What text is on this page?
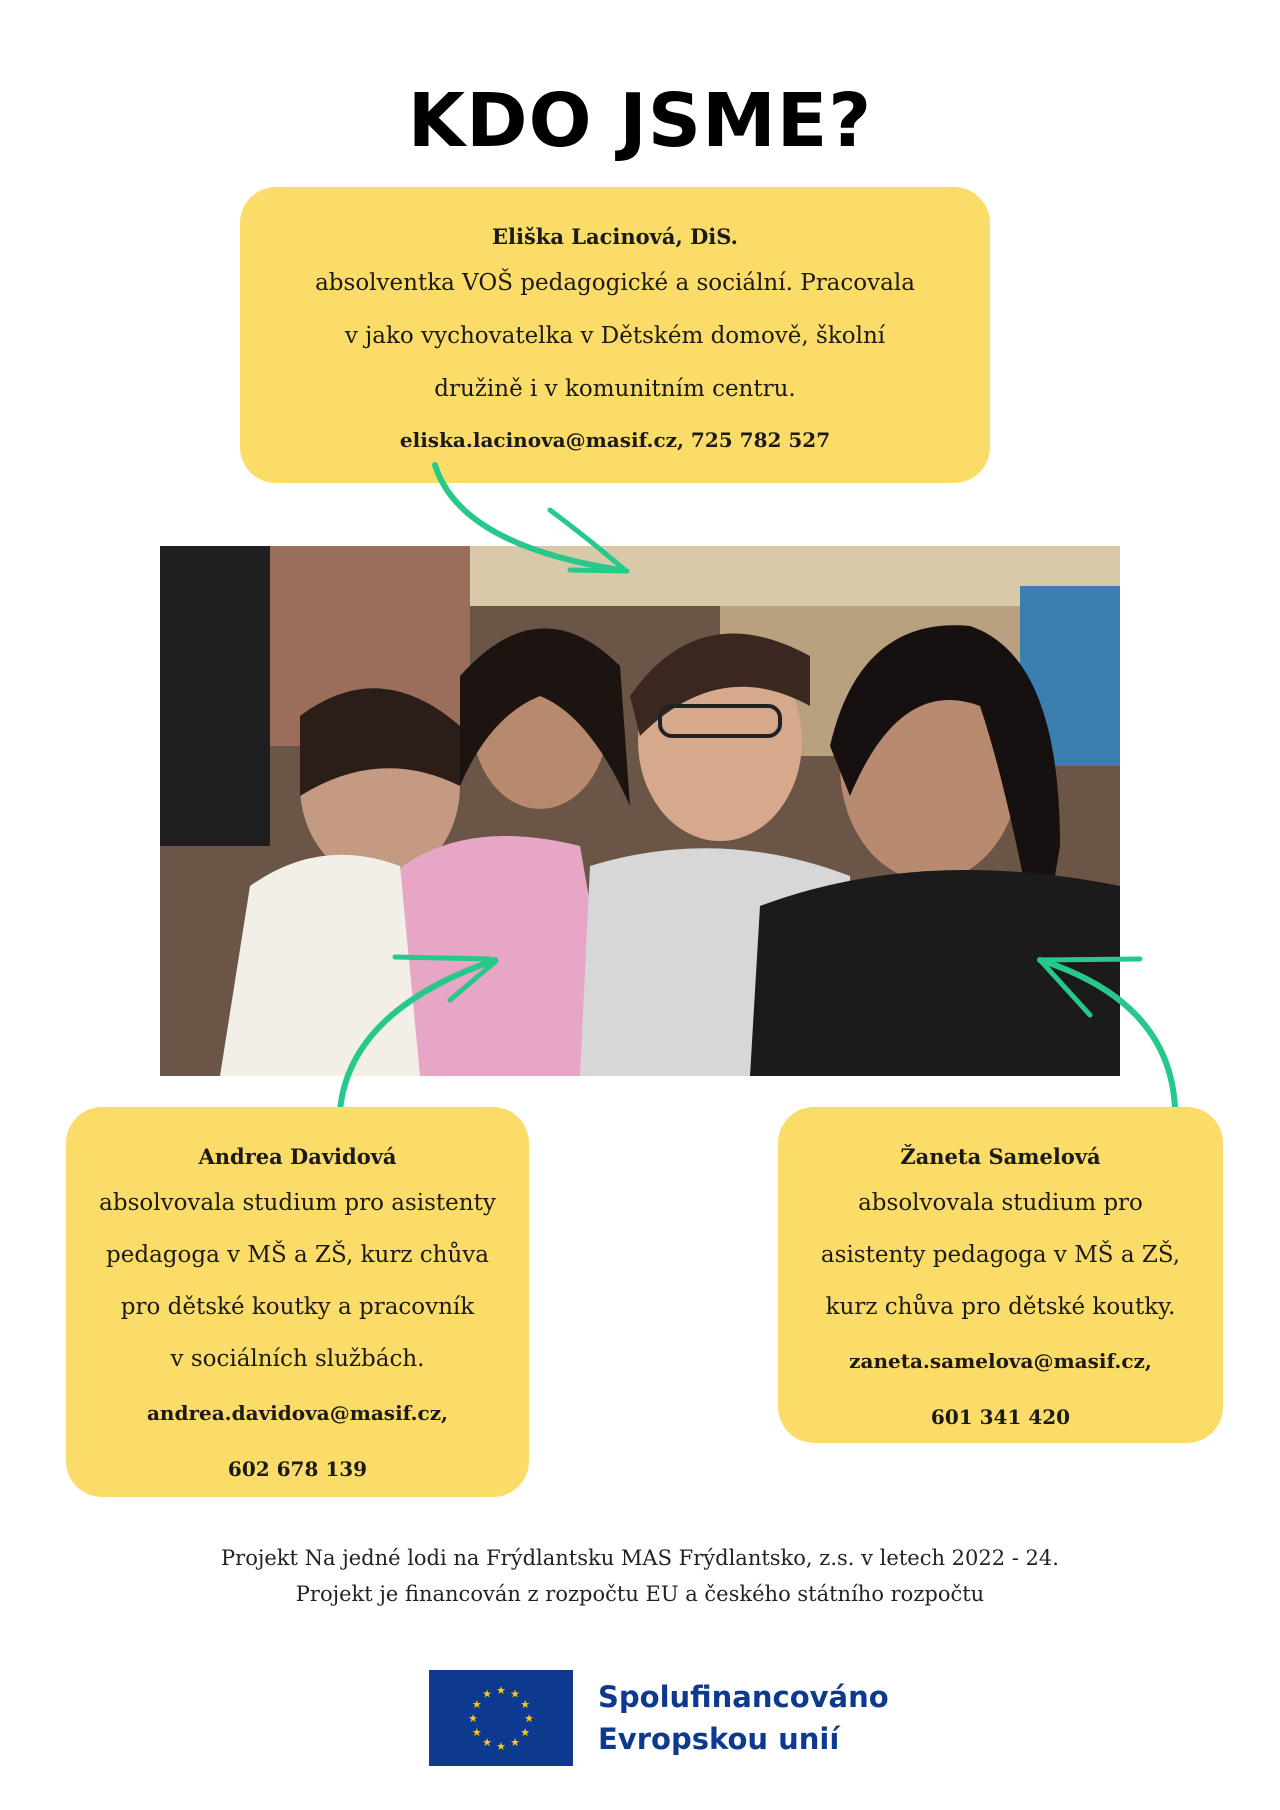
KDO JSME?
Eliška Lacinová, DiS.
absolventka VOŠ pedagogické a sociální. Pracovala
v jako vychovatelka v Dětském domově, školní
družině i v komunitním centru.
eliska.lacinova@masif.cz, 725 782 527
Andrea Davidová
absolvovala studium pro asistenty
pedagoga v MŠ a ZŠ, kurz chůva
pro dětské koutky a pracovník
v sociálních službách.
andrea.davidova@masif.cz,
602 678 139
Žaneta Samelová
absolvovala studium pro
asistenty pedagoga v MŠ a ZŠ,
kurz chůva pro dětské koutky.
zaneta.samelova@masif.cz,
601 341 420
Projekt Na jedné lodi na Frýdlantsku MAS Frýdlantsko, z.s. v letech 2022 - 24.
Projekt je financován z rozpočtu EU a českého státního rozpočtu
★ ★
★
★
★
★
★
★
★
★
★
★	Spolufinancováno
Evropskou unií
